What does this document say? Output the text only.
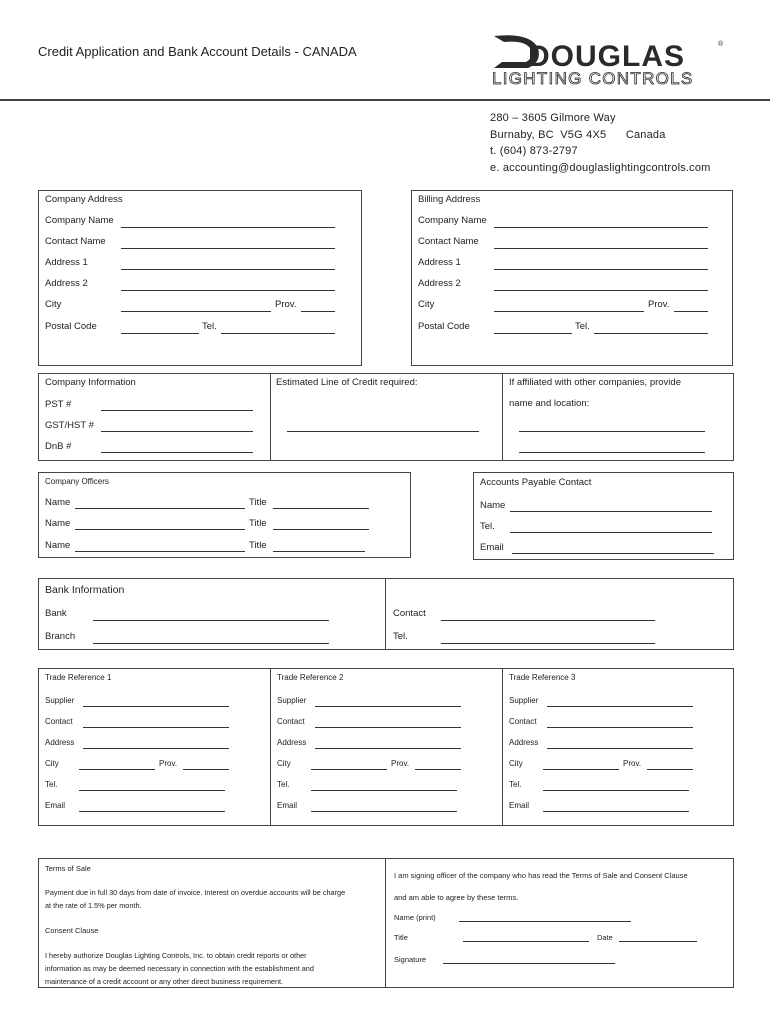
Credit Application and Bank Account Details - CANADA	DOUGLAS
LIGHTING CONTROLS
®
280 – 3605 Gilmore Way
Burnaby, BC  V5G 4X5      Canada
t. (604) 873-2797
e. accounting@douglaslightingcontrols.com
Company Address
Company Name
Contact Name
Address 1
Address 2
City	Prov.
Postal Code	Tel.
Billing Address
Company Name
Contact Name
Address 1
Address 2
City	Prov.
Postal Code	Tel.
Company Information
PST #
GST/HST #
DnB #
Estimated Line of Credit required:	If affiliated with other companies, provide
name and location:
Company Officers
Name	Title
Name	Title
Name	Title
Accounts Payable Contact
Name
Tel.
Email
Bank Information
Bank
Branch
Contact
Tel.
Trade Reference 1
Supplier
Contact
Address
City	Prov.
Tel.
Email
Trade Reference 2
Supplier
Contact
Address
City	Prov.
Tel.
Email
Trade Reference 3
Supplier
Contact
Address
City	Prov.
Tel.
Email
Terms of Sale
Payment due in full 30 days from date of invoice. Interest on overdue accounts will be charge
at the rate of 1.5% per month.
Consent Clause
I hereby authorize Douglas Lighting Controls, Inc. to obtain credit reports or other
information as may be deemed necessary in connection with the establishment and
maintenance of a credit account or any other direct business requirement.
I am signing officer of the company who has read the Terms of Sale and Consent Clause
and am able to agree by these terms.
Name (print)
Title	Date
Signature
